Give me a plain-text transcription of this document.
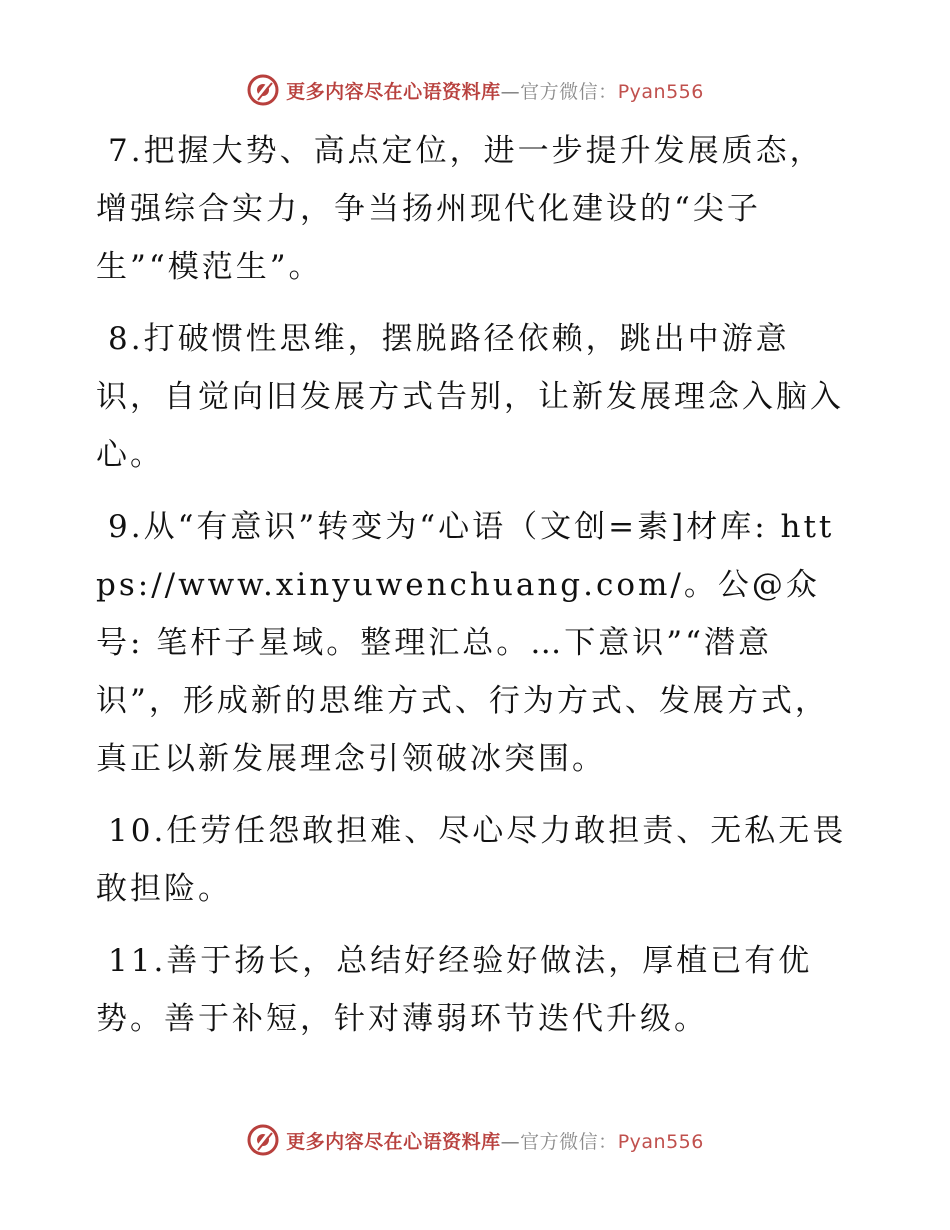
更多内容尽在心语资料库—官方微信：Pyan556

7.把握大势、高点定位，进一步提升发展质态，增强综合实力，争当扬州现代化建设的“尖子生”“模范生”。

8.打破惯性思维，摆脱路径依赖，跳出中游意识，自觉向旧发展方式告别，让新发展理念入脑入心。

9.从“有意识”转变为“心语（文创=素]材库: https://www.xinyuwenchuang.com/。公@众号: 笔杆子星域。整理汇总。…下意识”“潜意识”，形成新的思维方式、行为方式、发展方式，真正以新发展理念引领破冰突围。

10.任劳任怨敢担难、尽心尽力敢担责、无私无畏敢担险。

11.善于扬长，总结好经验好做法，厚植已有优势。善于补短，针对薄弱环节迭代升级。

更多内容尽在心语资料库—官方微信：Pyan556
